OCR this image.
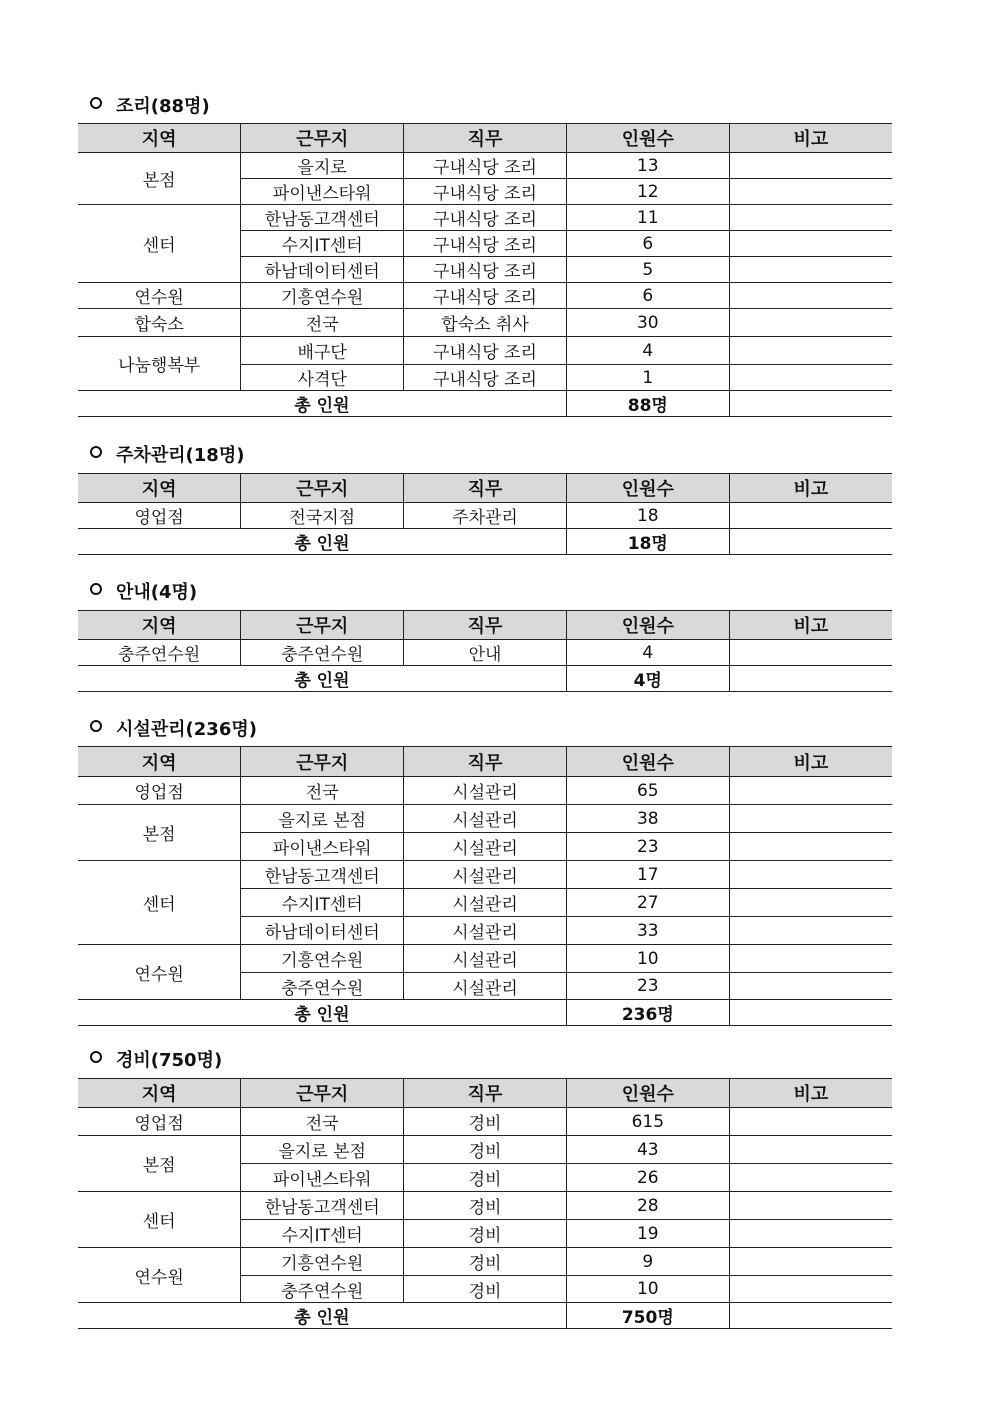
조리(88명)
지역	근무지	직무	인원수	비고
본점	을지로	구내식당 조리	13	
	파이낸스타워	구내식당 조리	12	
센터	한남동고객센터	구내식당 조리	11	
	수지IT센터	구내식당 조리	6	
	하남데이터센터	구내식당 조리	5	
연수원	기흥연수원	구내식당 조리	6	
합숙소	전국	합숙소 취사	30	
나눔행복부	배구단	구내식당 조리	4	
	사격단	구내식당 조리	1	
총 인원			88명	
주차관리(18명)
지역	근무지	직무	인원수	비고
영업점	전국지점	주차관리	18	
총 인원			18명	
안내(4명)
지역	근무지	직무	인원수	비고
충주연수원	충주연수원	안내	4	
총 인원			4명	
시설관리(236명)
지역	근무지	직무	인원수	비고
영업점	전국	시설관리	65	
본점	을지로 본점	시설관리	38	
	파이낸스타워	시설관리	23	
센터	한남동고객센터	시설관리	17	
	수지IT센터	시설관리	27	
	하남데이터센터	시설관리	33	
연수원	기흥연수원	시설관리	10	
	충주연수원	시설관리	23	
총 인원			236명	
경비(750명)
지역	근무지	직무	인원수	비고
영업점	전국	경비	615	
본점	을지로 본점	경비	43	
	파이낸스타워	경비	26	
센터	한남동고객센터	경비	28	
	수지IT센터	경비	19	
연수원	기흥연수원	경비	9	
	충주연수원	경비	10	
총 인원			750명	
